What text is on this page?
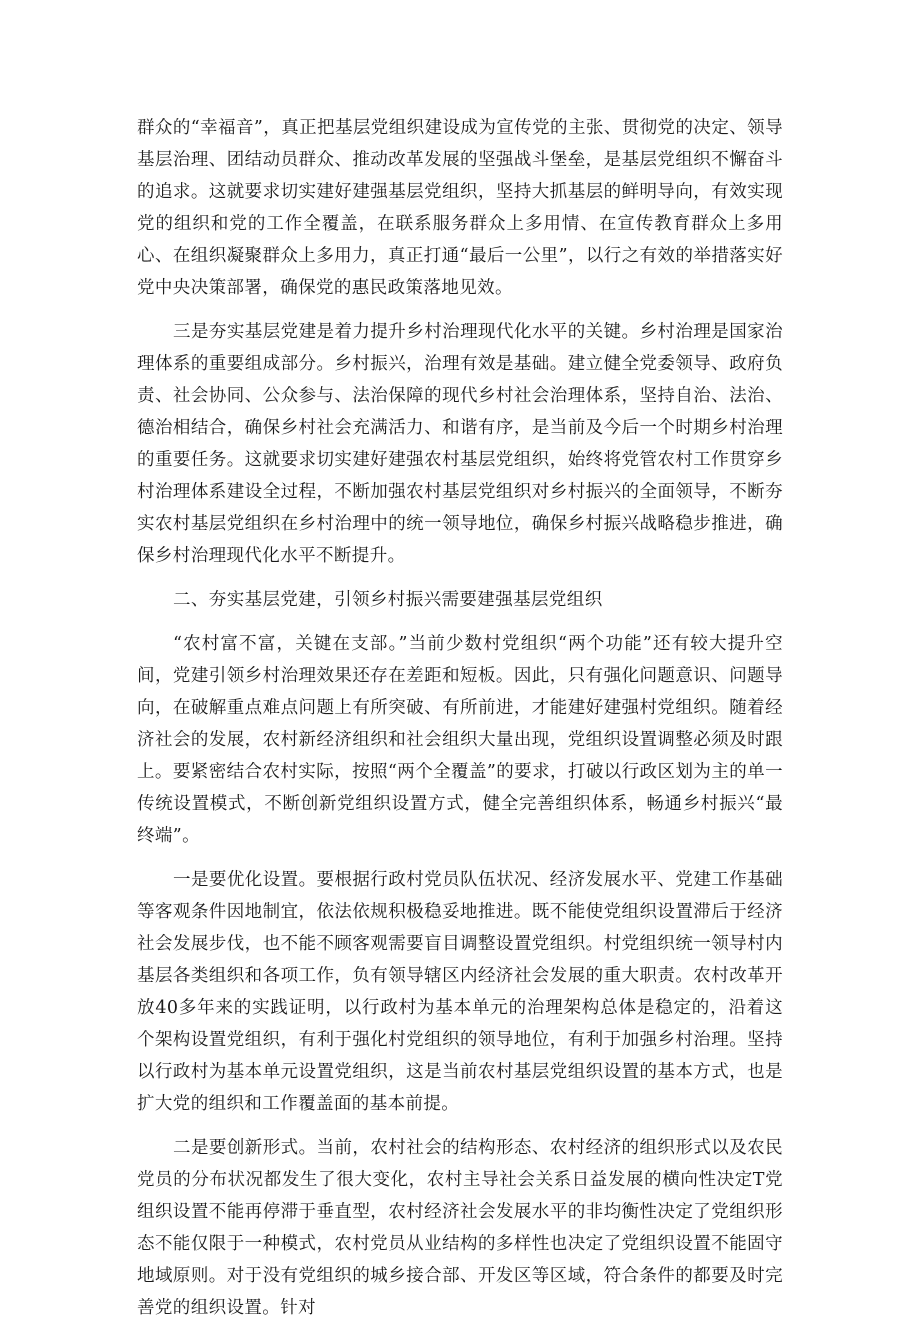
群众的“幸福音”，真正把基层党组织建设成为宣传党的主张、贯彻党的决定、领导基层治理、团结动员群众、推动改革发展的坚强战斗堡垒，是基层党组织不懈奋斗的追求。这就要求切实建好建强基层党组织，坚持大抓基层的鲜明导向，有效实现党的组织和党的工作全覆盖，在联系服务群众上多用情、在宣传教育群众上多用心、在组织凝聚群众上多用力，真正打通“最后一公里”，以行之有效的举措落实好党中央决策部署，确保党的惠民政策落地见效。

三是夯实基层党建是着力提升乡村治理现代化水平的关键。乡村治理是国家治理体系的重要组成部分。乡村振兴，治理有效是基础。建立健全党委领导、政府负责、社会协同、公众参与、法治保障的现代乡村社会治理体系，坚持自治、法治、德治相结合，确保乡村社会充满活力、和谐有序，是当前及今后一个时期乡村治理的重要任务。这就要求切实建好建强农村基层党组织，始终将党管农村工作贯穿乡村治理体系建设全过程，不断加强农村基层党组织对乡村振兴的全面领导，不断夯实农村基层党组织在乡村治理中的统一领导地位，确保乡村振兴战略稳步推进，确保乡村治理现代化水平不断提升。

二、夯实基层党建，引领乡村振兴需要建强基层党组织

“农村富不富，关键在支部。”当前少数村党组织“两个功能”还有较大提升空间，党建引领乡村治理效果还存在差距和短板。因此，只有强化问题意识、问题导向，在破解重点难点问题上有所突破、有所前进，才能建好建强村党组织。随着经济社会的发展，农村新经济组织和社会组织大量出现，党组织设置调整必须及时跟上。要紧密结合农村实际，按照“两个全覆盖”的要求，打破以行政区划为主的单一传统设置模式，不断创新党组织设置方式，健全完善组织体系，畅通乡村振兴“最终端”。

一是要优化设置。要根据行政村党员队伍状况、经济发展水平、党建工作基础等客观条件因地制宜，依法依规积极稳妥地推进。既不能使党组织设置滞后于经济社会发展步伐，也不能不顾客观需要盲目调整设置党组织。村党组织统一领导村内基层各类组织和各项工作，负有领导辖区内经济社会发展的重大职责。农村改革开放40多年来的实践证明，以行政村为基本单元的治理架构总体是稳定的，沿着这个架构设置党组织，有利于强化村党组织的领导地位，有利于加强乡村治理。坚持以行政村为基本单元设置党组织，这是当前农村基层党组织设置的基本方式，也是扩大党的组织和工作覆盖面的基本前提。

二是要创新形式。当前，农村社会的结构形态、农村经济的组织形式以及农民党员的分布状况都发生了很大变化，农村主导社会关系日益发展的横向性决定T党组织设置不能再停滞于垂直型，农村经济社会发展水平的非均衡性决定了党组织形态不能仅限于一种模式，农村党员从业结构的多样性也决定了党组织设置不能固守地域原则。对于没有党组织的城乡接合部、开发区等区域，符合条件的都要及时完善党的组织设置。针对
